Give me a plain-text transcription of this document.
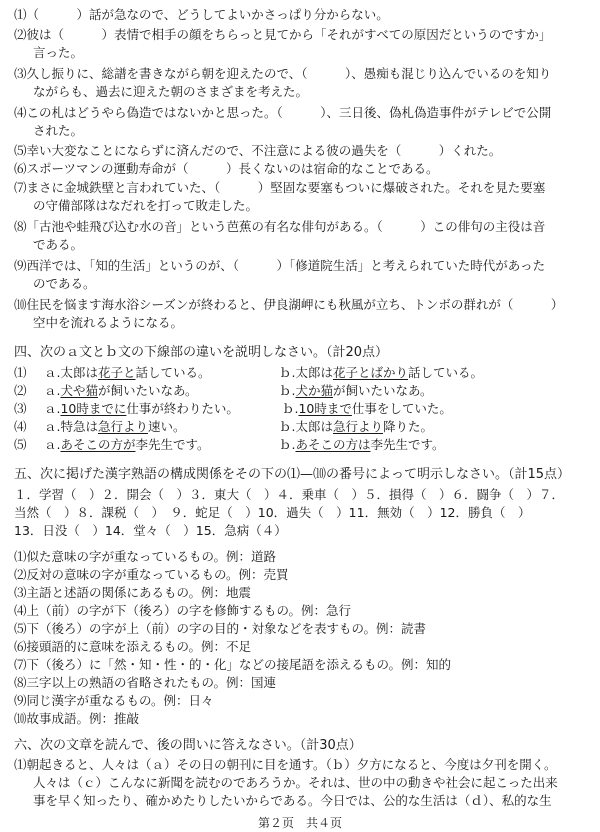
⑴（　　　）話が急なので、どうしてよいかさっぱり分からない。
⑵彼は（　　　）表情で相手の顔をちらっと見てから「それがすべての原因だというのですか」
言った。
⑶久し振りに、総譜を書きながら朝を迎えたので、（　　　）、愚痴も混じり込んでいるのを知り
ながらも、過去に迎えた朝のさまざまを考えた。
⑷この札はどうやら偽造ではないかと思った。（　　　）、三日後、偽札偽造事件がテレビで公開
された。
⑸幸い大変なことにならずに済んだので、不注意による彼の過失を（　　　）くれた。
⑹スポーツマンの運動寿命が（　　　）長くないのは宿命的なことである。
⑺まさに金城鉄壁と言われていた、（　　　）堅固な要塞もついに爆破された。それを見た要塞
の守備部隊はなだれを打って敗走した。
⑻「古池や蛙飛び込む水の音」という芭蕉の有名な俳句がある。（　　　）この俳句の主役は音
である。
⑼西洋では、「知的生活」というのが、（　　　）「修道院生活」と考えられていた時代があった
のである。
⑽住民を悩ます海水浴シーズンが終わると、伊良湖岬にも秋風が立ち、トンボの群れが（　　　）
空中を流れるようになる。
四、次のａ文とｂ文の下線部の違いを説明しなさい。（計20点）
⑴ ａ.太郎は花子と話している。	ｂ.太郎は花子とばかり話している。
⑵ ａ.犬や猫が飼いたいなあ。	ｂ.犬か猫が飼いたいなあ。
⑶ ａ.10時までに仕事が終わりたい。	ｂ.10時まで仕事をしていた。
⑷ ａ.特急は急行より速い。	ｂ.太郎は急行より降りた。
⑸ ａ.あそこの方が李先生です。	ｂ.あそこの方は李先生です。
五、次に掲げた漢字熟語の構成関係をその下の⑴—⑽の番号によって明示しなさい。（計15点）
１．学習（　）２．開会（　）３．東大（　）４．乗車（　）５．損得（　）６．闘争（　）７．
当然（　）８．課税（　）　９．蛇足（　）10．過失（　）11．無効（　）12．勝負（　）
13．日没（　）14．堂々（　）15．急病（４）
⑴似た意味の字が重なっているもの。例：道路
⑵反対の意味の字が重なっているもの。例：売買
⑶主語と述語の関係にあるもの。例：地震
⑷上（前）の字が下（後ろ）の字を修飾するもの。例：急行
⑸下（後ろ）の字が上（前）の字の目的・対象などを表すもの。例：読書
⑹接頭語的に意味を添えるもの。例：不足
⑺下（後ろ）に「然・知・性・的・化」などの接尾語を添えるもの。例：知的
⑻三字以上の熟語の省略されたもの。例：国連
⑼同じ漢字が重なるもの。例：日々
⑽故事成語。例：推敲
六、次の文章を読んで、後の問いに答えなさい。（計30点）
⑴朝起きると、人々は（ａ）その日の朝刊に目を通す。（ｂ）夕方になると、今度は夕刊を開く。
人々は（ｃ）こんなに新聞を読むのであろうか。それは、世の中の動きや社会に起こった出来
事を早く知ったり、確かめたりしたいからである。今日では、公的な生活は（ｄ）、私的な生
第２页　共４页
